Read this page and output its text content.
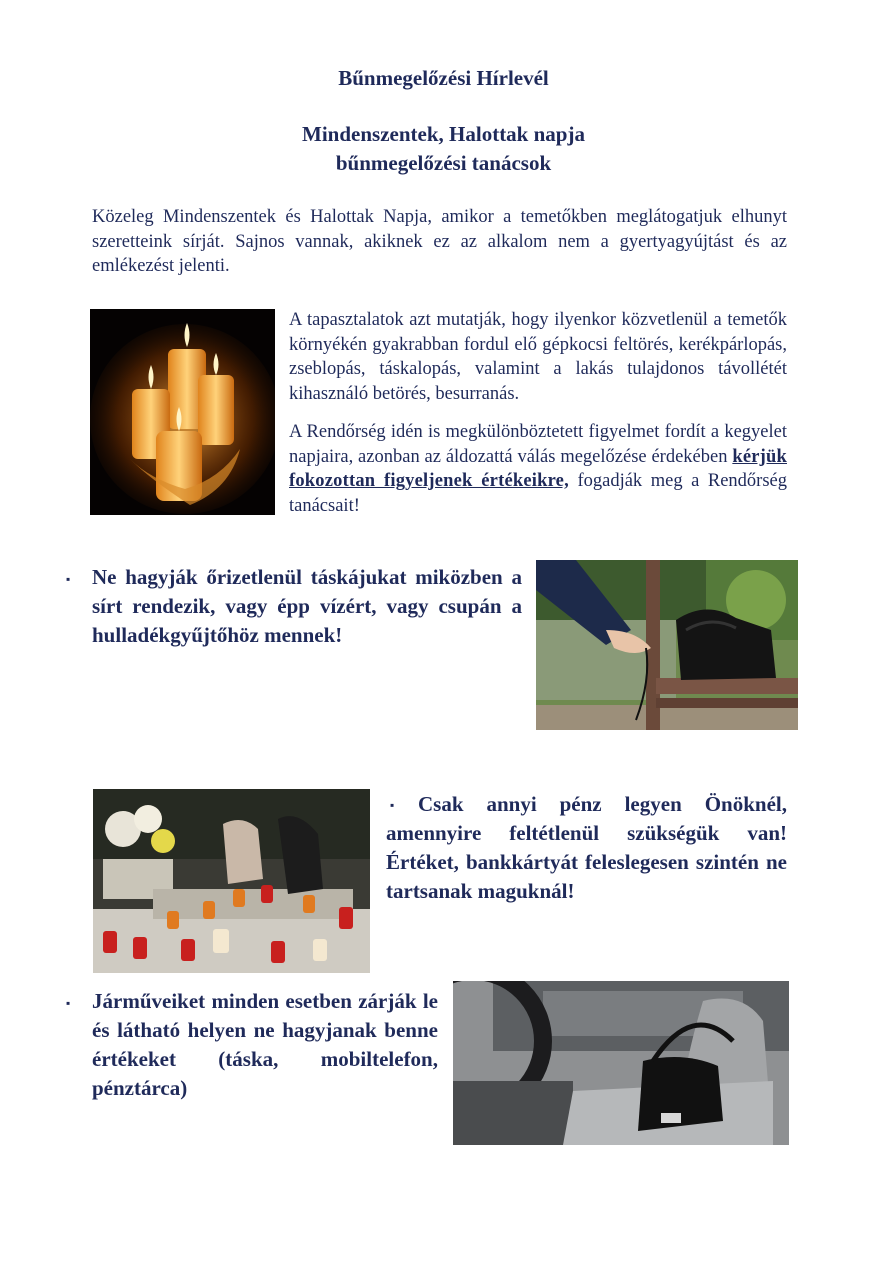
Bűnmegelőzési Hírlevél
Mindenszentek, Halottak napja
bűnmegelőzési tanácsok
Közeleg Mindenszentek és Halottak Napja, amikor a temetőkben meglátogatjuk elhunyt szeretteink sírját. Sajnos vannak, akiknek ez az alkalom nem a gyertyagyújtást és az emlékezést jelenti.
A tapasztalatok azt mutatják, hogy ilyenkor közvetlenül a temetők környékén gyakrabban fordul elő gépkocsi feltörés, kerékpárlopás, zseblopás, táskalopás, valamint a lakás tulajdonos távollétét kihasználó betörés, besurranás.
A Rendőrség idén is megkülönböztetett figyelmet fordít a kegyelet napjaira, azonban az áldozattá válás megelőzése érdekében kérjük fokozottan figyeljenek értékeikre, fogadják meg a Rendőrség tanácsait!
▪ Ne hagyják őrizetlenül táskájukat miközben a sírt rendezik, vagy épp vízért, vagy csupán a hulladékgyűjtőhöz mennek!
▪	Csak annyi pénz legyen Önöknél, amennyire feltétlenül szükségük van! Értéket, bankkártyát feleslegesen szintén ne tartsanak maguknál!
▪ Járműveiket minden esetben zárják le és látható helyen ne hagyjanak benne értékeket (táska, mobiltelefon, pénztárca)
